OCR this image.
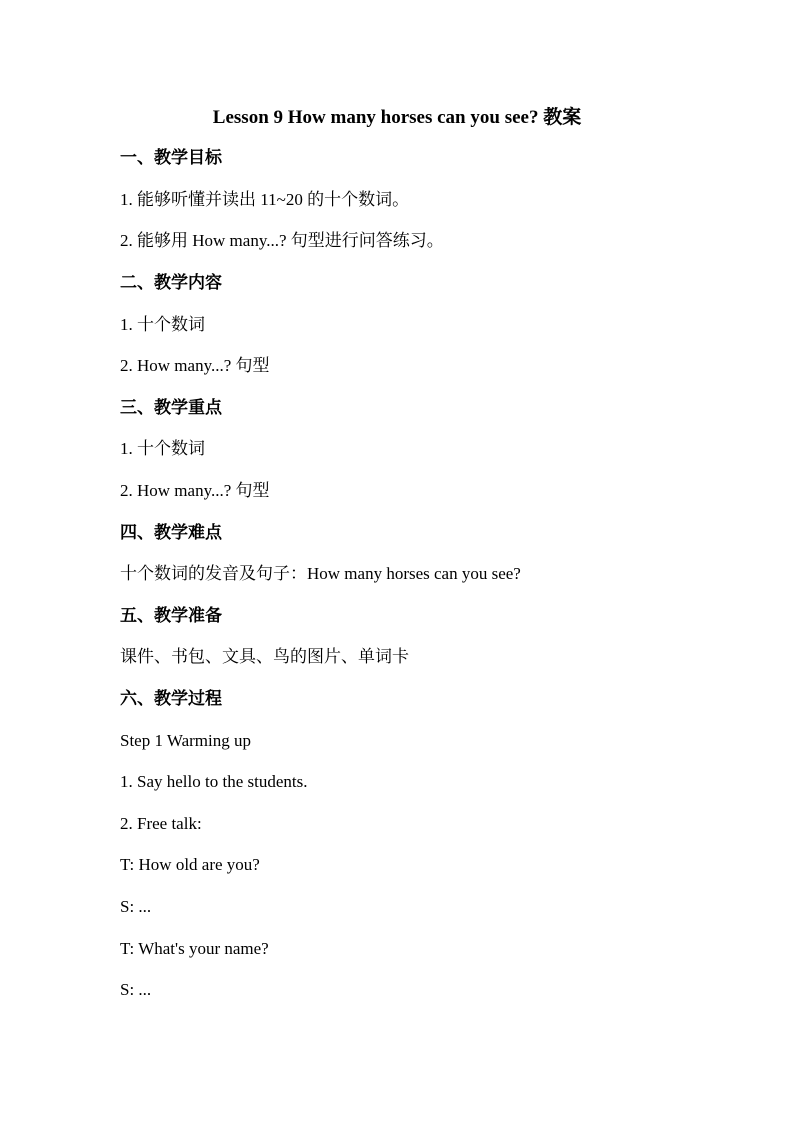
Lesson 9 How many horses can you see? 教案
一、教学目标
1. 能够听懂并读出 11~20 的十个数词。
2. 能够用 How many...? 句型进行问答练习。
二、教学内容
1. 十个数词
2. How many...? 句型
三、教学重点
1. 十个数词
2. How many...? 句型
四、教学难点
十个数词的发音及句子：How many horses can you see?
五、教学准备
课件、书包、文具、鸟的图片、单词卡
六、教学过程
Step 1 Warming up
1. Say hello to the students.
2. Free talk:
T: How old are you?
S: ...
T: What's your name?
S: ...
